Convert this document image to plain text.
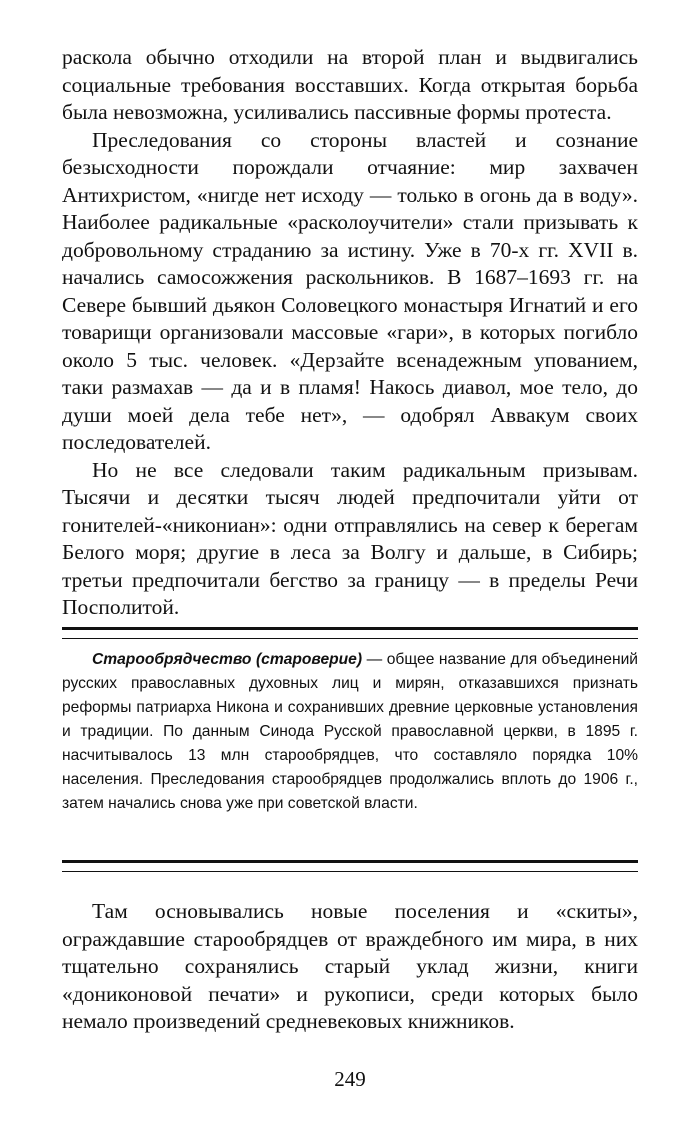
раскола обычно отходили на второй план и выдвигались социальные требования восставших. Когда открытая борьба была невозможна, усиливались пассивные формы протеста.

Преследования со стороны властей и сознание безысходности порождали отчаяние: мир захвачен Антихристом, «нигде нет исходу — только в огонь да в воду». Наиболее радикальные «расколоучители» стали призывать к добровольному страданию за истину. Уже в 70-х гг. XVII в. начались самосожжения раскольников. В 1687–1693 гг. на Севере бывший дьякон Соловецкого монастыря Игнатий и его товарищи организовали массовые «гари», в которых погибло около 5 тыс. человек. «Дерзайте всенадежным упованием, таки размахав — да и в пламя! Накось диавол, мое тело, до души моей дела тебе нет», — одобрял Аввакум своих последователей.

Но не все следовали таким радикальным призывам. Тысячи и десятки тысяч людей предпочитали уйти от гонителей-«никониан»: одни отправлялись на север к берегам Белого моря; другие в леса за Волгу и дальше, в Сибирь; третьи предпочитали бегство за границу — в пределы Речи Посполитой.

Старообрядчество (староверие) — общее название для объединений русских православных духовных лиц и мирян, отказавшихся признать реформы патриарха Никона и сохранивших древние церковные установления и традиции. По данным Синода Русской православной церкви, в 1895 г. насчитывалось 13 млн старообрядцев, что составляло порядка 10% населения. Преследования старообрядцев продолжались вплоть до 1906 г., затем начались снова уже при советской власти.

Там основывались новые поселения и «скиты», ограждавшие старообрядцев от враждебного им мира, в них тщательно сохранялись старый уклад жизни, книги «дониконовой печати» и рукописи, среди которых было немало произведений средневековых книжников.

249
